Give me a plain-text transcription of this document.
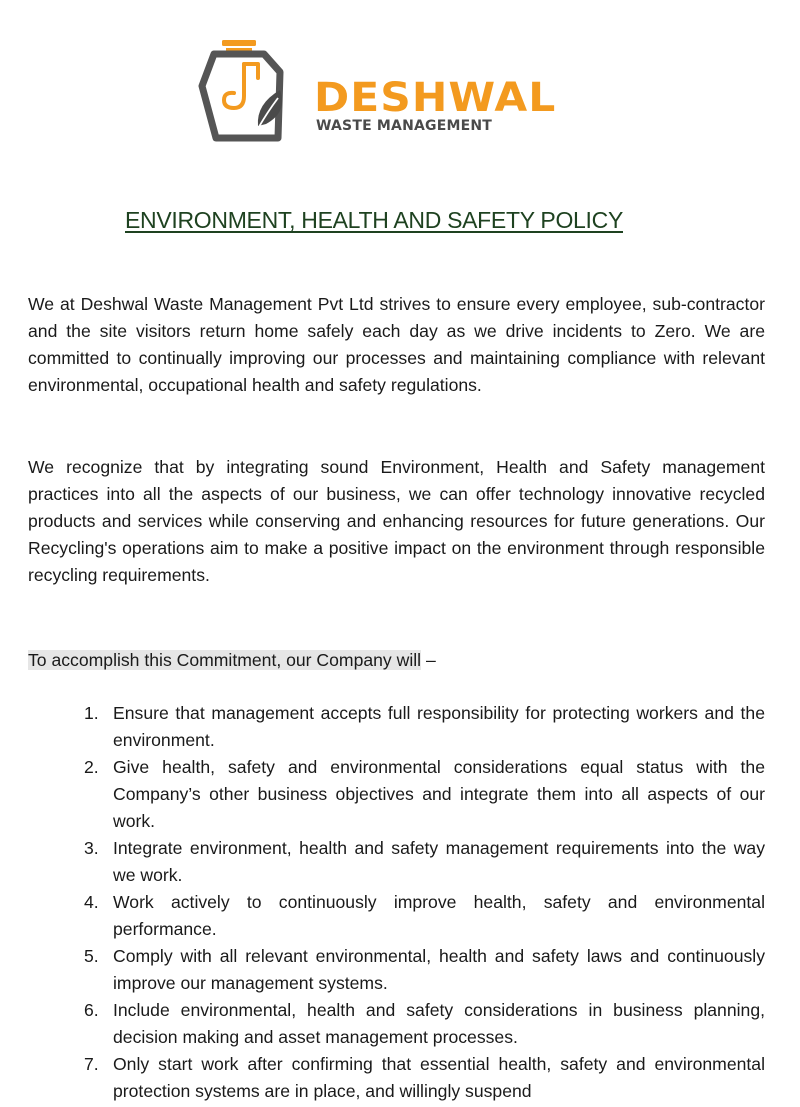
DESHWAL
WASTE MANAGEMENT
ENVIRONMENT, HEALTH AND SAFETY POLICY

We at Deshwal Waste Management Pvt Ltd strives to ensure every employee, sub-contractor and the site visitors return home safely each day as we drive incidents to Zero. We are committed to continually improving our processes and maintaining compliance with relevant environmental, occupational health and safety regulations.

We recognize that by integrating sound Environment, Health and Safety management practices into all the aspects of our business, we can offer technology innovative recycled products and services while conserving and enhancing resources for future generations. Our Recycling's operations aim to make a positive impact on the environment through responsible recycling requirements.

To accomplish this Commitment, our Company will –
1. Ensure that management accepts full responsibility for protecting workers and the environment.
2. Give health, safety and environmental considerations equal status with the Company’s other business objectives and integrate them into all aspects of our work.
3. Integrate environment, health and safety management requirements into the way we work.
4. Work actively to continuously improve health, safety and environmental performance.
5. Comply with all relevant environmental, health and safety laws and continuously improve our management systems.
6. Include environmental, health and safety considerations in business planning, decision making and asset management processes.
7. Only start work after confirming that essential health, safety and environmental protection systems are in place, and willingly suspend
